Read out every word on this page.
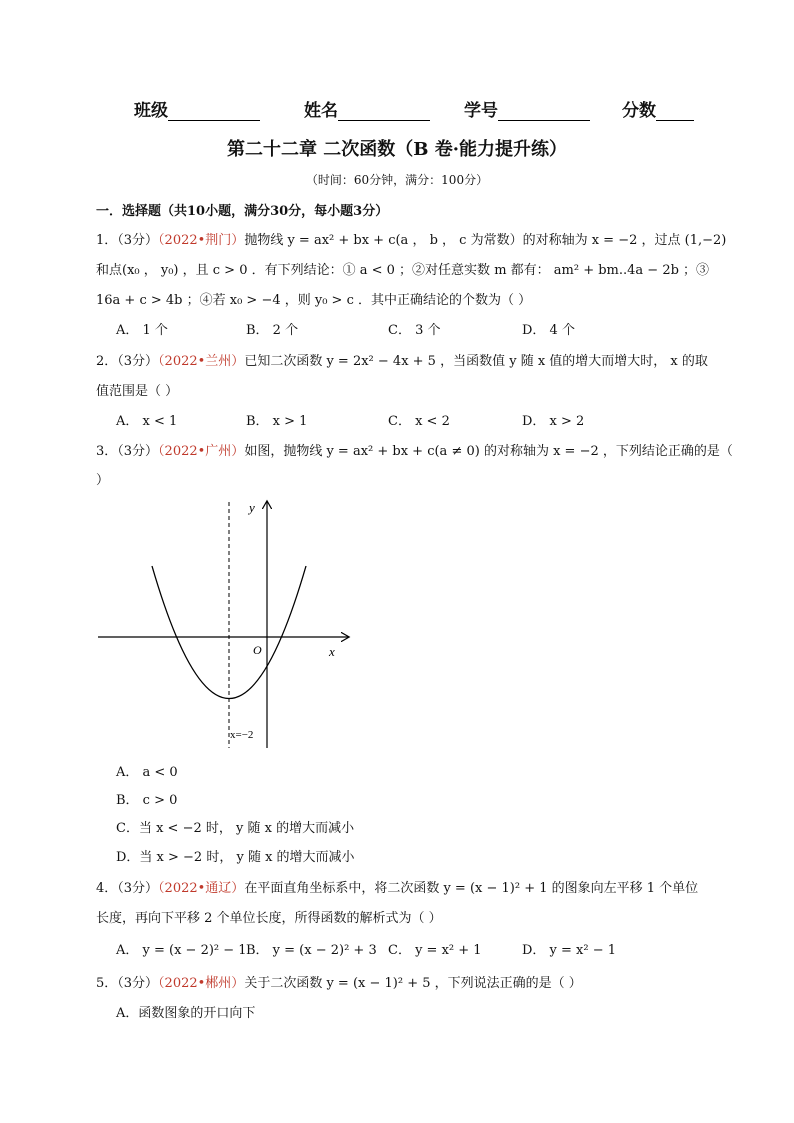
班级	姓名	学号	分数
第二十二章 二次函数（B 卷·能力提升练）
（时间：60分钟，满分：100分）
一．选择题（共10小题，满分30分，每小题3分）
1．（3分）（2022•荆门）抛物线 y = ax² + bx + c(a ， b ， c 为常数）的对称轴为 x = −2 ，过点 (1,−2)
和点(x₀ ， y₀) ，且 c > 0 ．有下列结论：① a < 0 ；②对任意实数 m 都有： am² + bm..4a − 2b ；③
16a + c > 4b ；④若 x₀ > −4 ，则 y₀ > c ．其中正确结论的个数为（ ）
A． 1 个	B． 2 个	C． 3 个	D． 4 个
2．（3分）（2022•兰州）已知二次函数 y = 2x² − 4x + 5 ，当函数值 y 随 x 值的增大而增大时， x 的取
值范围是（ ）
A． x < 1	B． x > 1	C． x < 2	D． x > 2
3．（3分）（2022•广州）如图，抛物线 y = ax² + bx + c(a ≠ 0) 的对称轴为 x = −2 ，下列结论正确的是（
）
y
x
O
x=−2
A． a < 0
B． c > 0
C．当 x < −2 时， y 随 x 的增大而减小
D．当 x > −2 时， y 随 x 的增大而减小
4．（3分）（2022•通辽）在平面直角坐标系中，将二次函数 y = (x − 1)² + 1 的图象向左平移 1 个单位
长度，再向下平移 2 个单位长度，所得函数的解析式为（ ）
A． y = (x − 2)² − 1 B． y = (x − 2)² + 3 C． y = x² + 1	D． y = x² − 1
5．（3分）（2022•郴州）关于二次函数 y = (x − 1)² + 5 ，下列说法正确的是（ ）
A．函数图象的开口向下
